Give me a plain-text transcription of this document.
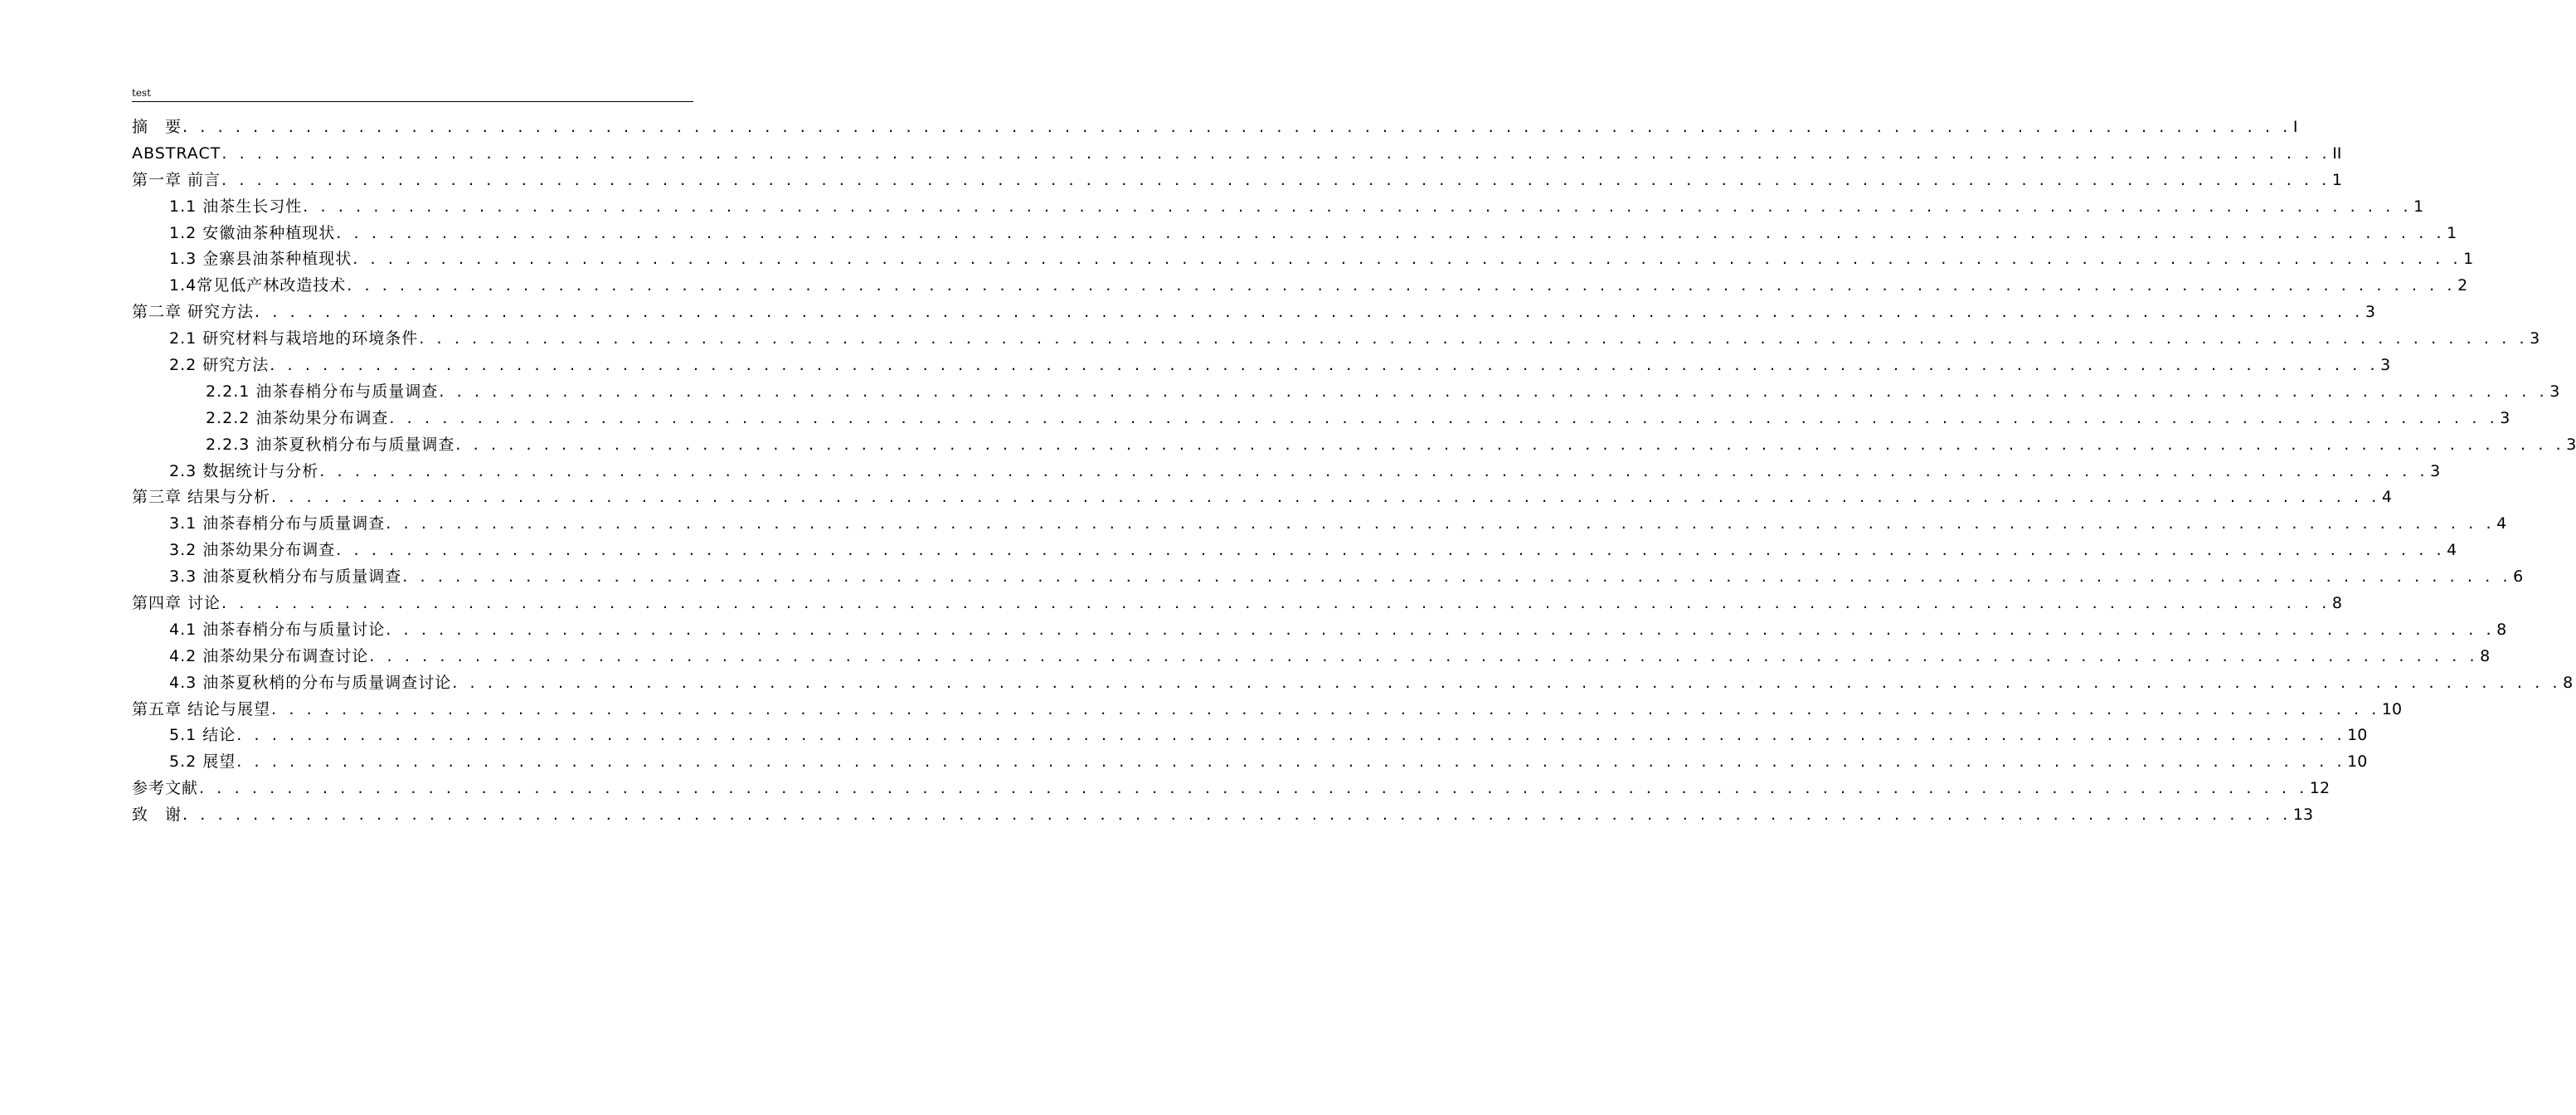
test
摘　要 . . . . . . . . . . . . . . . . . . . . . . . . . . . . . . . . . . . . . . . . . . . . . . . . . . . . . . . . . . . . . . . . . . . . . . . . . . . . . . . . . . . . . . . . . . . . . . . . . . . . . . . . . . . . . . . . . . . . . . . . I
ABSTRACT . . . . . . . . . . . . . . . . . . . . . . . . . . . . . . . . . . . . . . . . . . . . . . . . . . . . . . . . . . . . . . . . . . . . . . . . . . . . . . . . . . . . . . . . . . . . . . . . . . . . . . . . . . . . . . . . . . . . . . . . II
第一章 前言 . . . . . . . . . . . . . . . . . . . . . . . . . . . . . . . . . . . . . . . . . . . . . . . . . . . . . . . . . . . . . . . . . . . . . . . . . . . . . . . . . . . . . . . . . . . . . . . . . . . . . . . . . . . . . . . . . . . . . . . . 1
1.1 油茶生长习性 . . . . . . . . . . . . . . . . . . . . . . . . . . . . . . . . . . . . . . . . . . . . . . . . . . . . . . . . . . . . . . . . . . . . . . . . . . . . . . . . . . . . . . . . . . . . . . . . . . . . . . . . . . . . . . . . . . . . . . . . 1
1.2 安徽油茶种植现状 . . . . . . . . . . . . . . . . . . . . . . . . . . . . . . . . . . . . . . . . . . . . . . . . . . . . . . . . . . . . . . . . . . . . . . . . . . . . . . . . . . . . . . . . . . . . . . . . . . . . . . . . . . . . . . . . . . . . . . . . 1
1.3 金寨县油茶种植现状 . . . . . . . . . . . . . . . . . . . . . . . . . . . . . . . . . . . . . . . . . . . . . . . . . . . . . . . . . . . . . . . . . . . . . . . . . . . . . . . . . . . . . . . . . . . . . . . . . . . . . . . . . . . . . . . . . . . . . . . . 1
1.4常见低产林改造技术 . . . . . . . . . . . . . . . . . . . . . . . . . . . . . . . . . . . . . . . . . . . . . . . . . . . . . . . . . . . . . . . . . . . . . . . . . . . . . . . . . . . . . . . . . . . . . . . . . . . . . . . . . . . . . . . . . . . . . . . . 2
第二章 研究方法 . . . . . . . . . . . . . . . . . . . . . . . . . . . . . . . . . . . . . . . . . . . . . . . . . . . . . . . . . . . . . . . . . . . . . . . . . . . . . . . . . . . . . . . . . . . . . . . . . . . . . . . . . . . . . . . . . . . . . . . . 3
2.1 研究材料与栽培地的环境条件 . . . . . . . . . . . . . . . . . . . . . . . . . . . . . . . . . . . . . . . . . . . . . . . . . . . . . . . . . . . . . . . . . . . . . . . . . . . . . . . . . . . . . . . . . . . . . . . . . . . . . . . . . . . . . . . . . . . . . . . . 3
2.2 研究方法 . . . . . . . . . . . . . . . . . . . . . . . . . . . . . . . . . . . . . . . . . . . . . . . . . . . . . . . . . . . . . . . . . . . . . . . . . . . . . . . . . . . . . . . . . . . . . . . . . . . . . . . . . . . . . . . . . . . . . . . . 3
2.2.1 油茶春梢分布与质量调查 . . . . . . . . . . . . . . . . . . . . . . . . . . . . . . . . . . . . . . . . . . . . . . . . . . . . . . . . . . . . . . . . . . . . . . . . . . . . . . . . . . . . . . . . . . . . . . . . . . . . . . . . . . . . . . . . . . . . . . . . 3
2.2.2 油茶幼果分布调查 . . . . . . . . . . . . . . . . . . . . . . . . . . . . . . . . . . . . . . . . . . . . . . . . . . . . . . . . . . . . . . . . . . . . . . . . . . . . . . . . . . . . . . . . . . . . . . . . . . . . . . . . . . . . . . . . . . . . . . . . 3
2.2.3 油茶夏秋梢分布与质量调查 . . . . . . . . . . . . . . . . . . . . . . . . . . . . . . . . . . . . . . . . . . . . . . . . . . . . . . . . . . . . . . . . . . . . . . . . . . . . . . . . . . . . . . . . . . . . . . . . . . . . . . . . . . . . . . . . . . . . . . . . 3
2.3 数据统计与分析 . . . . . . . . . . . . . . . . . . . . . . . . . . . . . . . . . . . . . . . . . . . . . . . . . . . . . . . . . . . . . . . . . . . . . . . . . . . . . . . . . . . . . . . . . . . . . . . . . . . . . . . . . . . . . . . . . . . . . . . . 3
第三章 结果与分析 . . . . . . . . . . . . . . . . . . . . . . . . . . . . . . . . . . . . . . . . . . . . . . . . . . . . . . . . . . . . . . . . . . . . . . . . . . . . . . . . . . . . . . . . . . . . . . . . . . . . . . . . . . . . . . . . . . . . . . . . 4
3.1 油茶春梢分布与质量调查 . . . . . . . . . . . . . . . . . . . . . . . . . . . . . . . . . . . . . . . . . . . . . . . . . . . . . . . . . . . . . . . . . . . . . . . . . . . . . . . . . . . . . . . . . . . . . . . . . . . . . . . . . . . . . . . . . . . . . . . . 4
3.2 油茶幼果分布调查 . . . . . . . . . . . . . . . . . . . . . . . . . . . . . . . . . . . . . . . . . . . . . . . . . . . . . . . . . . . . . . . . . . . . . . . . . . . . . . . . . . . . . . . . . . . . . . . . . . . . . . . . . . . . . . . . . . . . . . . . 4
3.3 油茶夏秋梢分布与质量调查 . . . . . . . . . . . . . . . . . . . . . . . . . . . . . . . . . . . . . . . . . . . . . . . . . . . . . . . . . . . . . . . . . . . . . . . . . . . . . . . . . . . . . . . . . . . . . . . . . . . . . . . . . . . . . . . . . . . . . . . . 6
第四章 讨论 . . . . . . . . . . . . . . . . . . . . . . . . . . . . . . . . . . . . . . . . . . . . . . . . . . . . . . . . . . . . . . . . . . . . . . . . . . . . . . . . . . . . . . . . . . . . . . . . . . . . . . . . . . . . . . . . . . . . . . . . 8
4.1 油茶春梢分布与质量讨论 . . . . . . . . . . . . . . . . . . . . . . . . . . . . . . . . . . . . . . . . . . . . . . . . . . . . . . . . . . . . . . . . . . . . . . . . . . . . . . . . . . . . . . . . . . . . . . . . . . . . . . . . . . . . . . . . . . . . . . . . 8
4.2 油茶幼果分布调查讨论 . . . . . . . . . . . . . . . . . . . . . . . . . . . . . . . . . . . . . . . . . . . . . . . . . . . . . . . . . . . . . . . . . . . . . . . . . . . . . . . . . . . . . . . . . . . . . . . . . . . . . . . . . . . . . . . . . . . . . . . . 8
4.3 油茶夏秋梢的分布与质量调查讨论 . . . . . . . . . . . . . . . . . . . . . . . . . . . . . . . . . . . . . . . . . . . . . . . . . . . . . . . . . . . . . . . . . . . . . . . . . . . . . . . . . . . . . . . . . . . . . . . . . . . . . . . . . . . . . . . . . . . . . . . . 8
第五章 结论与展望 . . . . . . . . . . . . . . . . . . . . . . . . . . . . . . . . . . . . . . . . . . . . . . . . . . . . . . . . . . . . . . . . . . . . . . . . . . . . . . . . . . . . . . . . . . . . . . . . . . . . . . . . . . . . . . . . . . . . . . . . 10
5.1 结论 . . . . . . . . . . . . . . . . . . . . . . . . . . . . . . . . . . . . . . . . . . . . . . . . . . . . . . . . . . . . . . . . . . . . . . . . . . . . . . . . . . . . . . . . . . . . . . . . . . . . . . . . . . . . . . . . . . . . . . . . 10
5.2 展望 . . . . . . . . . . . . . . . . . . . . . . . . . . . . . . . . . . . . . . . . . . . . . . . . . . . . . . . . . . . . . . . . . . . . . . . . . . . . . . . . . . . . . . . . . . . . . . . . . . . . . . . . . . . . . . . . . . . . . . . . 10
参考文献 . . . . . . . . . . . . . . . . . . . . . . . . . . . . . . . . . . . . . . . . . . . . . . . . . . . . . . . . . . . . . . . . . . . . . . . . . . . . . . . . . . . . . . . . . . . . . . . . . . . . . . . . . . . . . . . . . . . . . . . . 12
致　谢 . . . . . . . . . . . . . . . . . . . . . . . . . . . . . . . . . . . . . . . . . . . . . . . . . . . . . . . . . . . . . . . . . . . . . . . . . . . . . . . . . . . . . . . . . . . . . . . . . . . . . . . . . . . . . . . . . . . . . . . . 13
